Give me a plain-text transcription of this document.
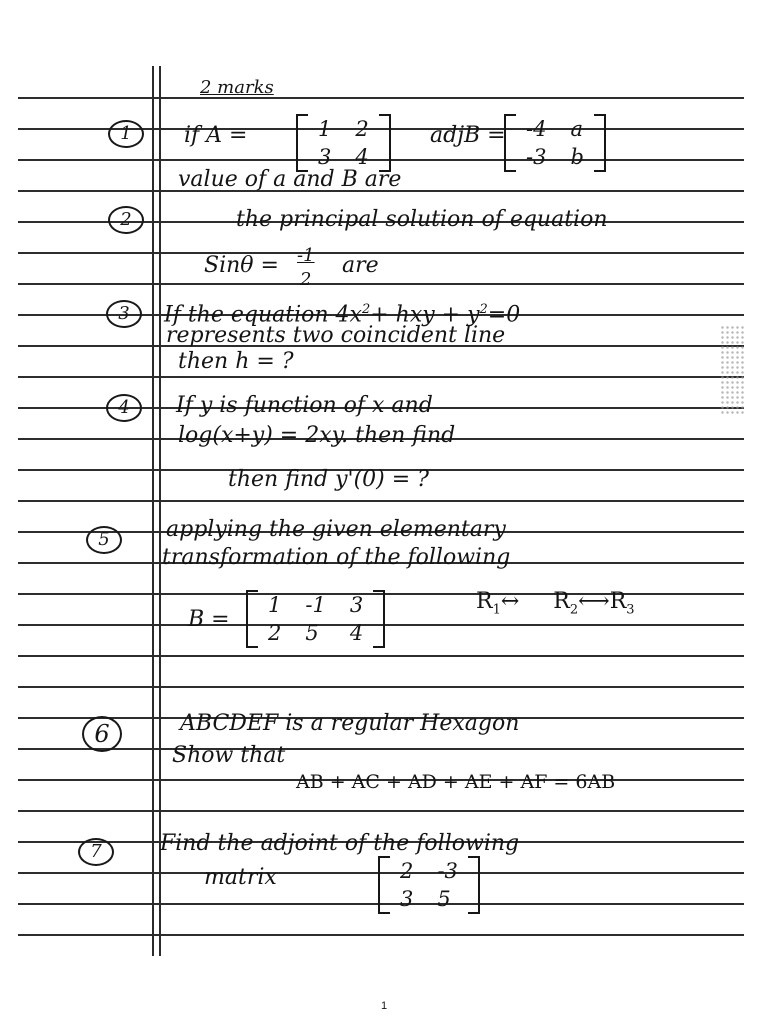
2 marks
1	if A =	1 2
3 4
adjB = -4 a
-3 b
value of a and B are
2	the principal solution of equation
Sinθ = -1
2
are
3	If the equation $4x^2+$ hxy + $y^2=0$
represents two coincident line
then h = ?
4	If y is function of x and
log(x+y) = 2xy. then find
then find y'(0) = ?
5	applying the given elementary
transformation of the following
B =
1 -1 3
2 5	4
$R_1\leftrightarrow$ $R_2⟷R_3$
6	ABCDEF is a regular Hexagon
Show that
AB + AC + AD + AE + AF = 6AB
7	Find the adjoint of the following
matrix	2 -3
3 5
1
